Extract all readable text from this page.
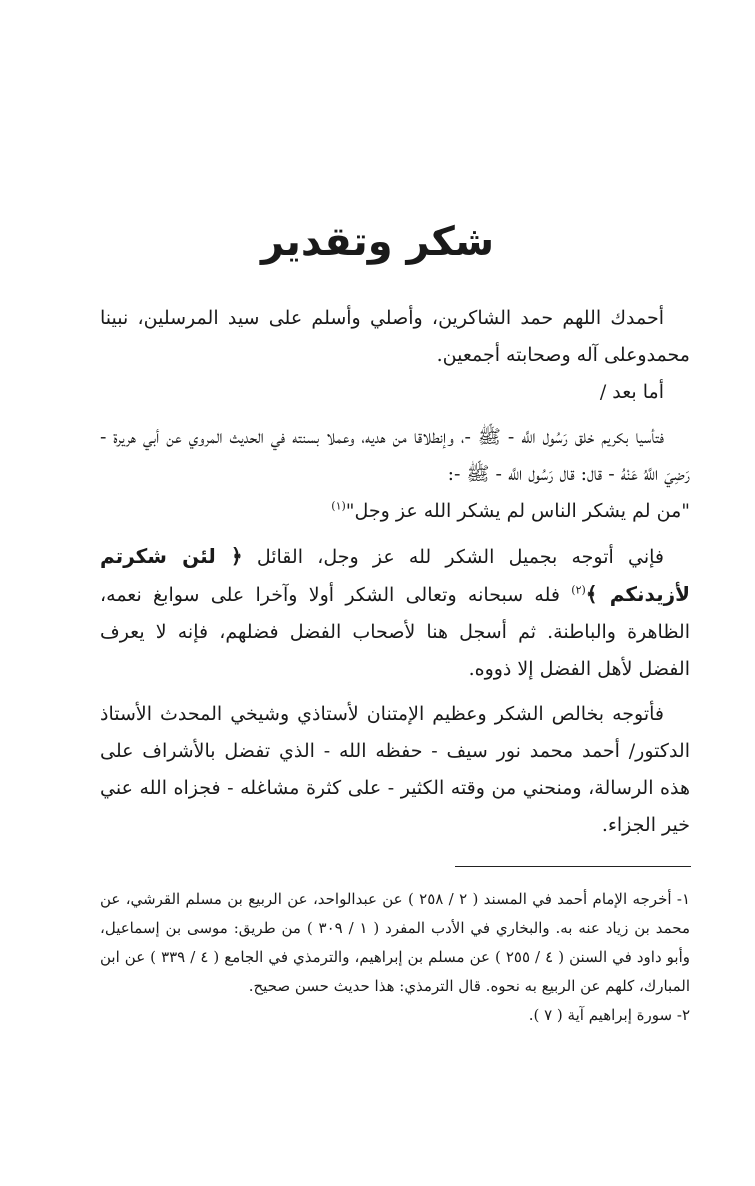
شكر وتقدير

أحمدك اللهم حمد الشاكرين، وأصلي وأسلم على سيد المرسلين، نبينا محمدوعلى آله وصحابته أجمعين.

أما بعد /

فتأسيا بكريم خلق رَسُول اللَّه - ﷺ -، وإنطلاقا من هديه، وعملا بسنته في الحديث المروي عن أبي هريرة - رَضِيَ اللَّهُ عَنْهُ - قال: قال رَسُول اللَّه - ﷺ -:

"من لم يشكر الناس لم يشكر الله عز وجل"$^{(١)}$

فإني أتوجه بجميل الشكر لله عز وجل، القائل ﴿ لئن شكرتم لأزيدنكم ﴾$^{(٢)}$ فله سبحانه وتعالى الشكر أولا وآخرا على سوابغ نعمه، الظاهرة والباطنة. ثم أسجل هنا لأصحاب الفضل فضلهم، فإنه لا يعرف الفضل لأهل الفضل إلا ذووه.

فأتوجه بخالص الشكر وعظيم الإمتنان لأستاذي وشيخي المحدث الأستاذ الدكتور/ أحمد محمد نور سيف - حفظه الله - الذي تفضل بالأشراف على هذه الرسالة، ومنحني من وقته الكثير - على كثرة مشاغله - فجزاه الله عني خير الجزاء.

١- أخرجه الإمام أحمد في المسند ( ٢ / ٢٥٨ ) عن عبدالواحد، عن الربيع بن مسلم القرشي، عن محمد بن زياد عنه به. والبخاري في الأدب المفرد ( ١ / ٣٠٩ ) من طريق: موسى بن إسماعيل، وأبو داود في السنن ( ٤ / ٢٥٥ ) عن مسلم بن إبراهيم، والترمذي في الجامع ( ٤ / ٣٣٩ ) عن ابن المبارك، كلهم عن الربيع به نحوه. قال الترمذي: هذا حديث حسن صحيح.

٢- سورة إبراهيم آية ( ٧ ).
